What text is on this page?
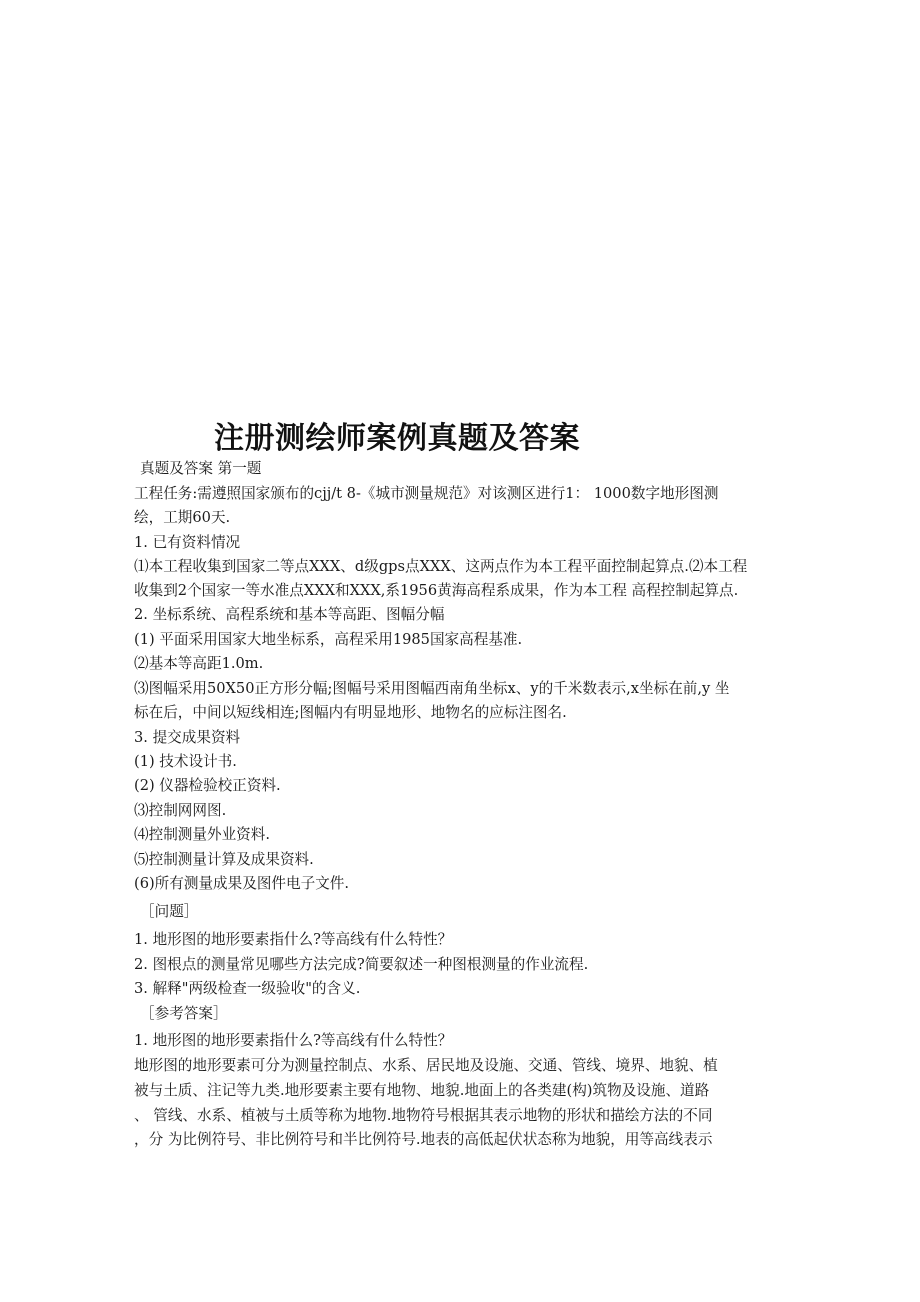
注册测绘师案例真题及答案
真题及答案 第一题
工程任务:需遵照国家颁布的cjj/t 8-《城市测量规范》对该测区进行1： 1000数字地形图测
绘，工期60天.
1. 已有资料情况
⑴本工程收集到国家二等点XXX、d级gps点XXX、这两点作为本工程平面控制起算点.⑵本工程
收集到2个国家一等水准点XXX和XXX,系1956黄海高程系成果，作为本工程 高程控制起算点.
2. 坐标系统、高程系统和基本等高距、图幅分幅
(1) 平面采用国家大地坐标系，高程采用1985国家高程基准.
⑵基本等高距1.0m.
⑶图幅采用50X50正方形分幅;图幅号采用图幅西南角坐标x、y的千米数表示,x坐标在前,y 坐
标在后，中间以短线相连;图幅内有明显地形、地物名的应标注图名.
3. 提交成果资料
(1) 技术设计书.
(2) 仪器检验校正资料.
⑶控制网网图.
⑷控制测量外业资料.
⑸控制测量计算及成果资料.
(6)所有测量成果及图件电子文件.
［问题］
1. 地形图的地形要素指什么?等高线有什么特性？
2. 图根点的测量常见哪些方法完成?简要叙述一种图根测量的作业流程.
3. 解释"两级检查一级验收"的含义.
［参考答案］
1. 地形图的地形要素指什么?等高线有什么特性？
地形图的地形要素可分为测量控制点、水系、居民地及设施、交通、管线、境界、地貌、植
被与土质、注记等九类.地形要素主要有地物、地貌.地面上的各类建(构)筑物及设施、道路
、 管线、水系、植被与土质等称为地物.地物符号根据其表示地物的形状和描绘方法的不同
，分 为比例符号、非比例符号和半比例符号.地表的高低起伏状态称为地貌，用等高线表示
